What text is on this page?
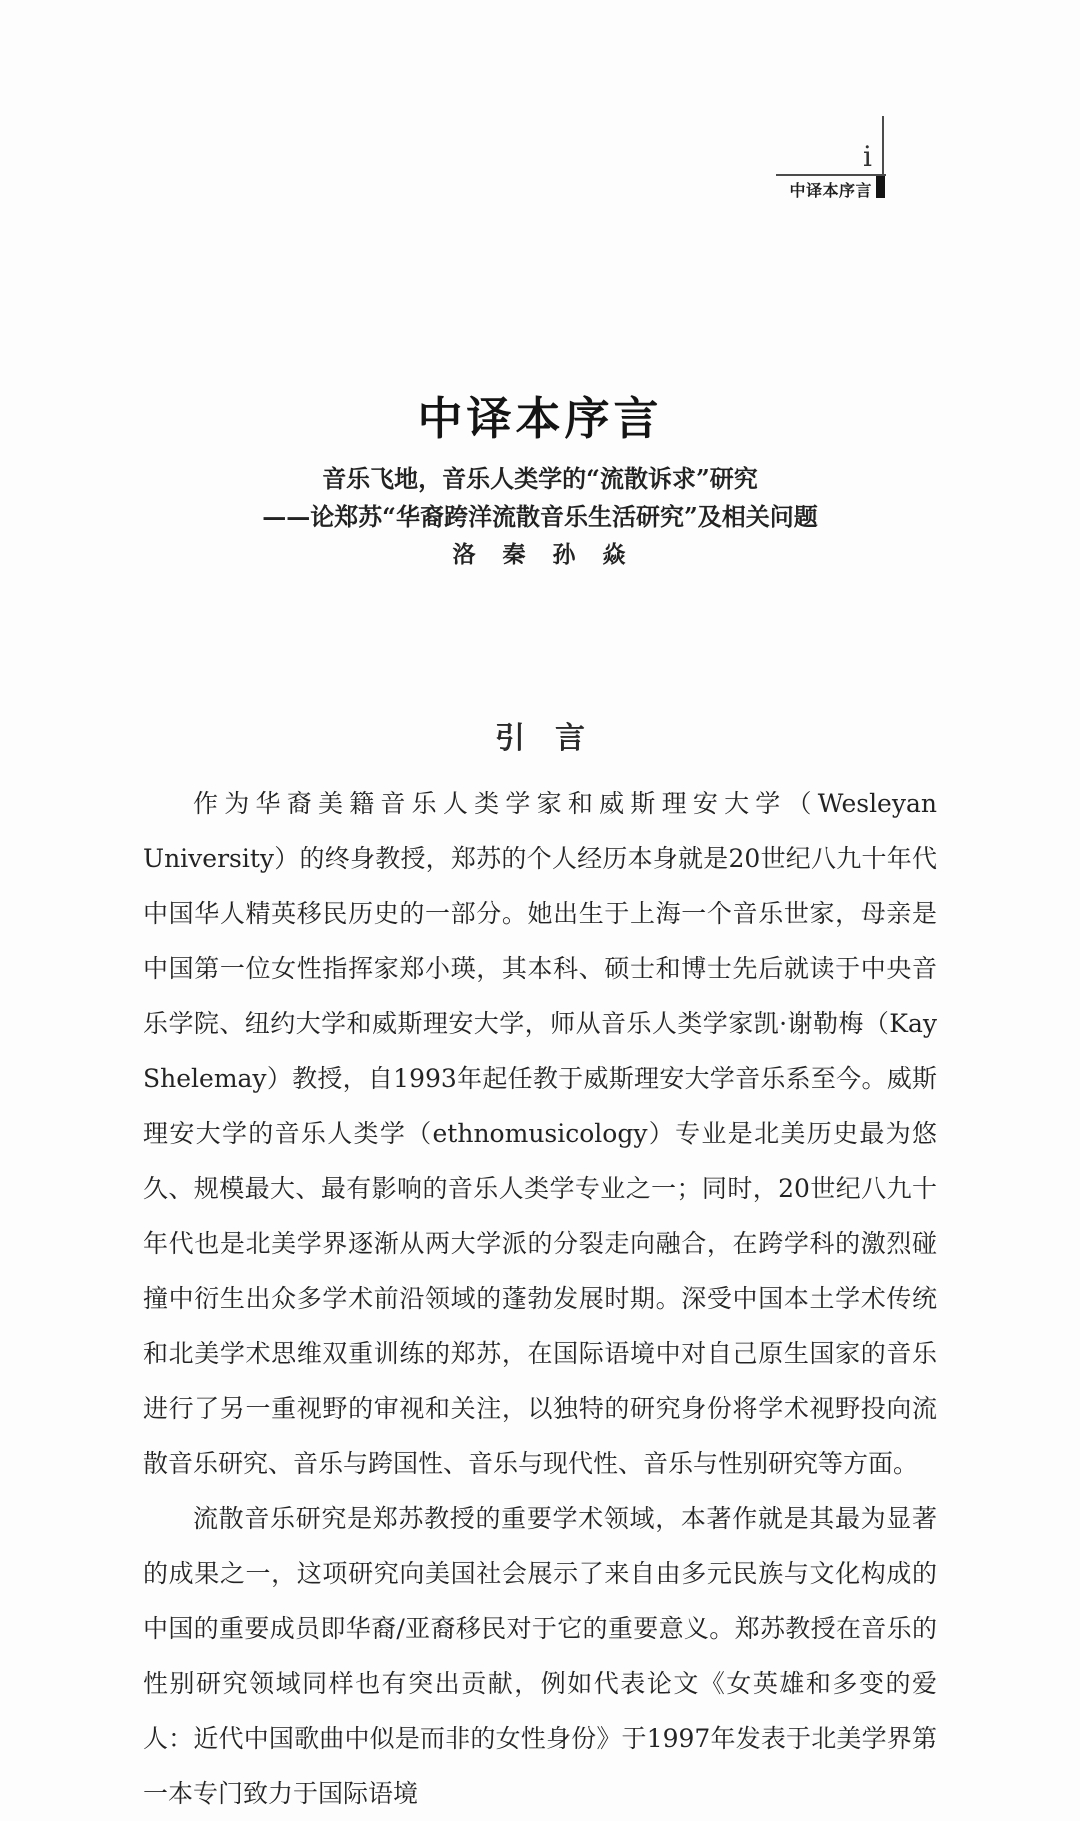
i
中译本序言
中译本序言
音乐飞地，音乐人类学的“流散诉求”研究
——论郑苏“华裔跨洋流散音乐生活研究”及相关问题
洛　秦　孙　焱
引　言

作为华裔美籍音乐人类学家和威斯理安大学（Wesleyan University）的终身教授，郑苏的个人经历本身就是20世纪八九十年代中国华人精英移民历史的一部分。她出生于上海一个音乐世家，母亲是中国第一位女性指挥家郑小瑛，其本科、硕士和博士先后就读于中央音乐学院、纽约大学和威斯理安大学，师从音乐人类学家凯·谢勒梅（Kay Shelemay）教授，自1993年起任教于威斯理安大学音乐系至今。威斯理安大学的音乐人类学（ethnomusicology）专业是北美历史最为悠久、规模最大、最有影响的音乐人类学专业之一；同时，20世纪八九十年代也是北美学界逐渐从两大学派的分裂走向融合，在跨学科的激烈碰撞中衍生出众多学术前沿领域的蓬勃发展时期。深受中国本土学术传统和北美学术思维双重训练的郑苏，在国际语境中对自己原生国家的音乐进行了另一重视野的审视和关注，以独特的研究身份将学术视野投向流散音乐研究、音乐与跨国性、音乐与现代性、音乐与性别研究等方面。

流散音乐研究是郑苏教授的重要学术领域，本著作就是其最为显著的成果之一，这项研究向美国社会展示了来自由多元民族与文化构成的中国的重要成员即华裔/亚裔移民对于它的重要意义。郑苏教授在音乐的性别研究领域同样也有突出贡献，例如代表论文《女英雄和多变的爱人：近代中国歌曲中似是而非的女性身份》于1997年发表于北美学界第一本专门致力于国际语境
